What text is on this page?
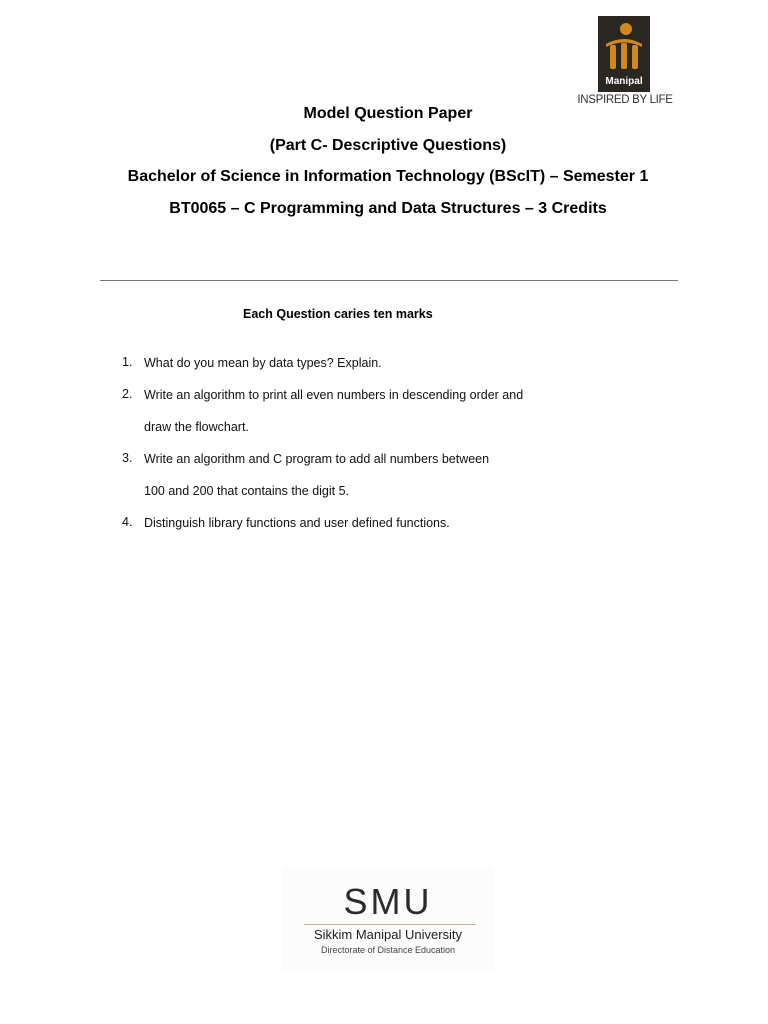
Manipal
INSPIRED BY LIFE
Model Question Paper
(Part C- Descriptive Questions)
Bachelor of Science in Information Technology (BScIT) – Semester 1
BT0065 – C Programming and Data Structures – 3 Credits
Each Question caries ten marks
1. What do you mean by data types? Explain.
2. Write an algorithm to print all even numbers in descending order and
draw the flowchart.
3. Write an algorithm and C program to add all numbers between
100 and 200 that contains the digit 5.
4. Distinguish library functions and user defined functions.
SMU
Sikkim Manipal University
Directorate of Distance Education
